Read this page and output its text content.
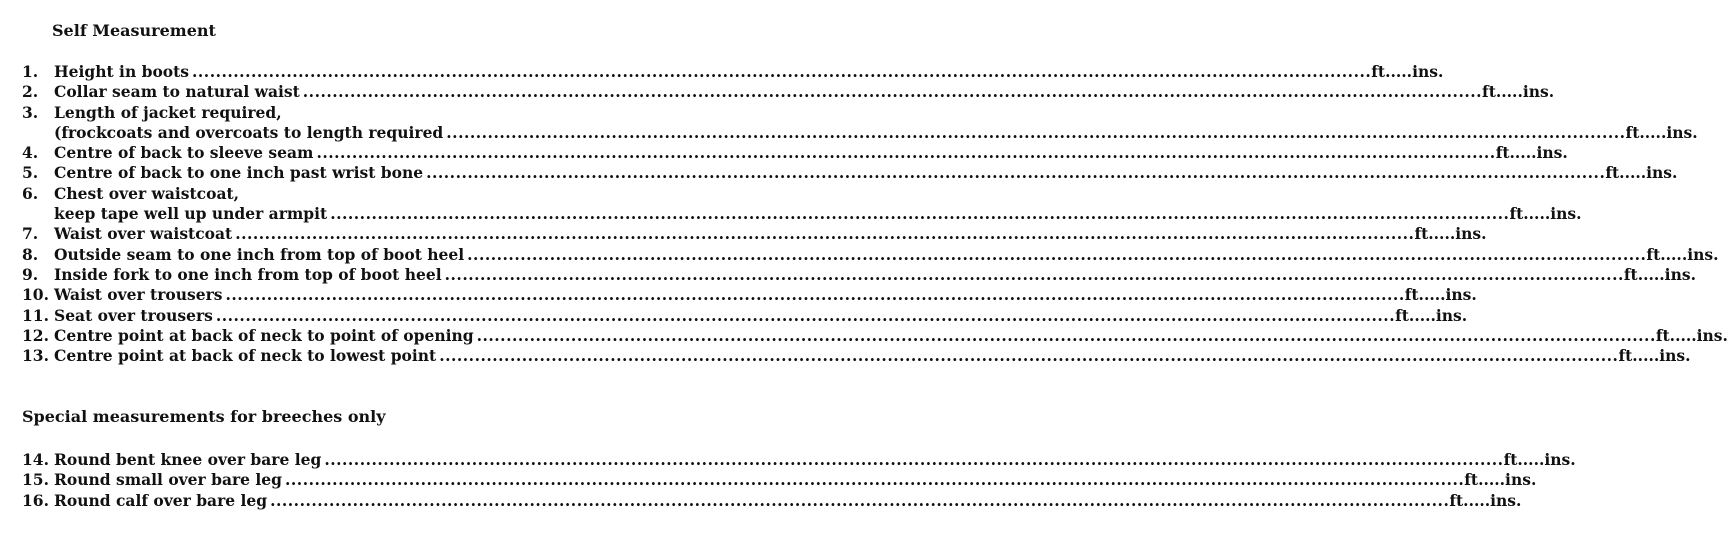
Self Measurement
1. Height in boots ........................................................................................................................................................................................................ ft.....ins.
2. Collar seam to natural waist ........................................................................................................................................................................................................ ft.....ins.
3. Length of jacket required,
(frockcoats and overcoats to length required ........................................................................................................................................................................................................ ft.....ins.
4. Centre of back to sleeve seam ........................................................................................................................................................................................................ ft.....ins.
5. Centre of back to one inch past wrist bone ........................................................................................................................................................................................................ ft.....ins.
6. Chest over waistcoat,
keep tape well up under armpit ........................................................................................................................................................................................................ ft.....ins.
7. Waist over waistcoat ........................................................................................................................................................................................................ ft.....ins.
8. Outside seam to one inch from top of boot heel ........................................................................................................................................................................................................ ft.....ins.
9. Inside fork to one inch from top of boot heel ........................................................................................................................................................................................................ ft.....ins.
10. Waist over trousers ........................................................................................................................................................................................................ ft.....ins.
11. Seat over trousers ........................................................................................................................................................................................................ ft.....ins.
12. Centre point at back of neck to point of opening ........................................................................................................................................................................................................ ft.....ins.
13. Centre point at back of neck to lowest point ........................................................................................................................................................................................................ ft.....ins.
Special measurements for breeches only
14. Round bent knee over bare leg ........................................................................................................................................................................................................ ft.....ins.
15. Round small over bare leg ........................................................................................................................................................................................................ ft.....ins.
16. Round calf over bare leg ........................................................................................................................................................................................................ ft.....ins.
